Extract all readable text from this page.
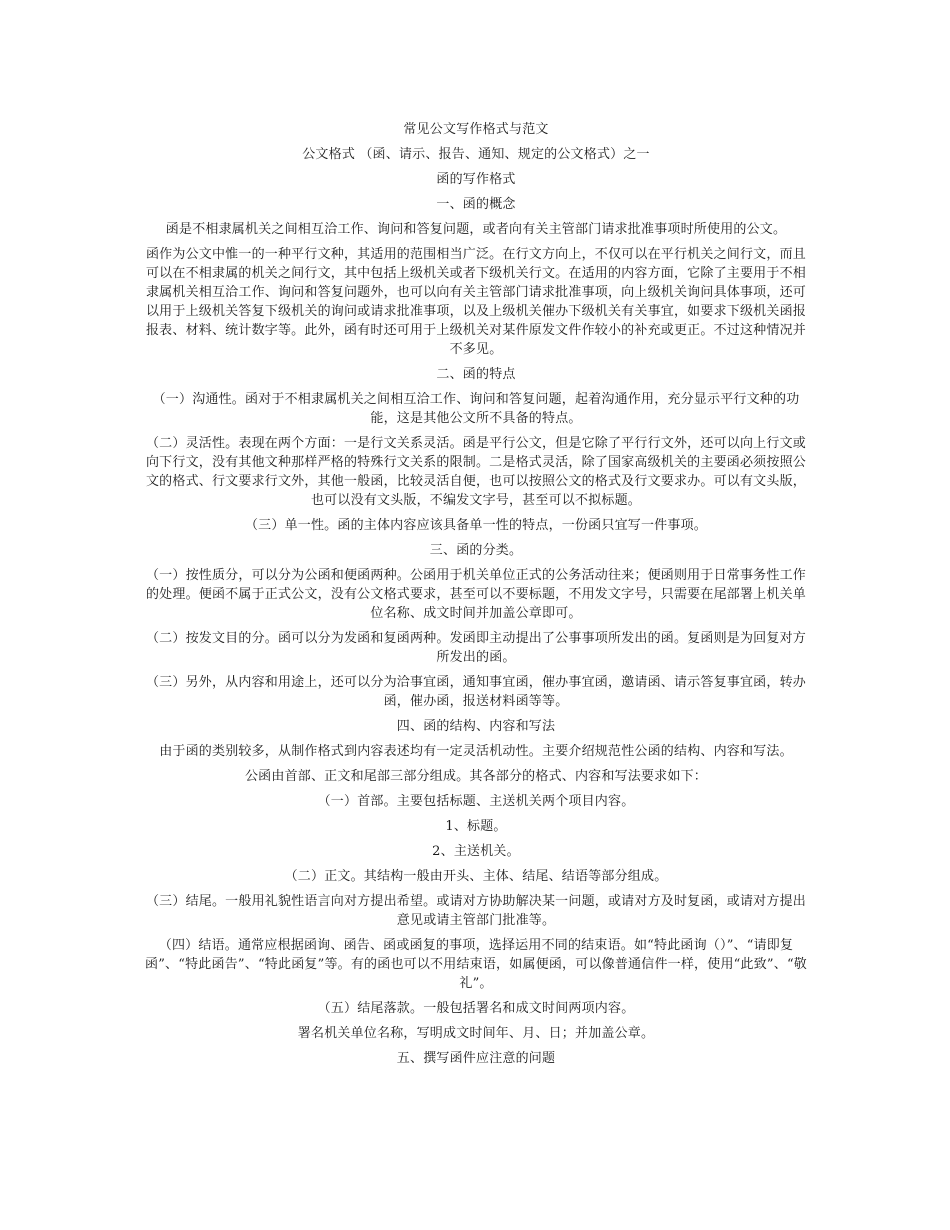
常见公文写作格式与范文

公文格式 （函、请示、报告、通知、规定的公文格式）之一

函的写作格式

一、函的概念

函是不相隶属机关之间相互洽工作、询问和答复问题，或者向有关主管部门请求批准事项时所使用的公文。

函作为公文中惟一的一种平行文种，其适用的范围相当广泛。在行文方向上，不仅可以在平行机关之间行文，而且可以在不相隶属的机关之间行文，其中包括上级机关或者下级机关行文。在适用的内容方面，它除了主要用于不相隶属机关相互洽工作、询问和答复问题外，也可以向有关主管部门请求批准事项，向上级机关询问具体事项，还可以用于上级机关答复下级机关的询问或请求批准事项，以及上级机关催办下级机关有关事宜，如要求下级机关函报报表、材料、统计数字等。此外，函有时还可用于上级机关对某件原发文件作较小的补充或更正。不过这种情况并不多见。

二、函的特点

（一）沟通性。函对于不相隶属机关之间相互洽工作、询问和答复问题，起着沟通作用，充分显示平行文种的功能，这是其他公文所不具备的特点。

（二）灵活性。表现在两个方面：一是行文关系灵活。函是平行公文，但是它除了平行行文外，还可以向上行文或向下行文，没有其他文种那样严格的特殊行文关系的限制。二是格式灵活，除了国家高级机关的主要函必须按照公文的格式、行文要求行文外，其他一般函，比较灵活自便，也可以按照公文的格式及行文要求办。可以有文头版，也可以没有文头版，不编发文字号，甚至可以不拟标题。

（三）单一性。函的主体内容应该具备单一性的特点，一份函只宜写一件事项。

三、函的分类。

（一）按性质分，可以分为公函和便函两种。公函用于机关单位正式的公务活动往来；便函则用于日常事务性工作的处理。便函不属于正式公文，没有公文格式要求，甚至可以不要标题，不用发文字号，只需要在尾部署上机关单位名称、成文时间并加盖公章即可。

（二）按发文目的分。函可以分为发函和复函两种。发函即主动提出了公事事项所发出的函。复函则是为回复对方所发出的函。

（三）另外，从内容和用途上，还可以分为洽事宜函，通知事宜函，催办事宜函，邀请函、请示答复事宜函，转办函，催办函，报送材料函等等。

四、函的结构、内容和写法

由于函的类别较多，从制作格式到内容表述均有一定灵活机动性。主要介绍规范性公函的结构、内容和写法。

公函由首部、正文和尾部三部分组成。其各部分的格式、内容和写法要求如下：

（一）首部。主要包括标题、主送机关两个项目内容。

1、标题。

2、主送机关。

（二）正文。其结构一般由开头、主体、结尾、结语等部分组成。

（三）结尾。一般用礼貌性语言向对方提出希望。或请对方协助解决某一问题，或请对方及时复函，或请对方提出意见或请主管部门批准等。

（四）结语。通常应根据函询、函告、函或函复的事项，选择运用不同的结束语。如“特此函询（）”、“请即复函”、“特此函告”、“特此函复”等。有的函也可以不用结束语，如属便函，可以像普通信件一样，使用“此致”、“敬礼”。

（五）结尾落款。一般包括署名和成文时间两项内容。

署名机关单位名称，写明成文时间年、月、日；并加盖公章。

五、撰写函件应注意的问题
